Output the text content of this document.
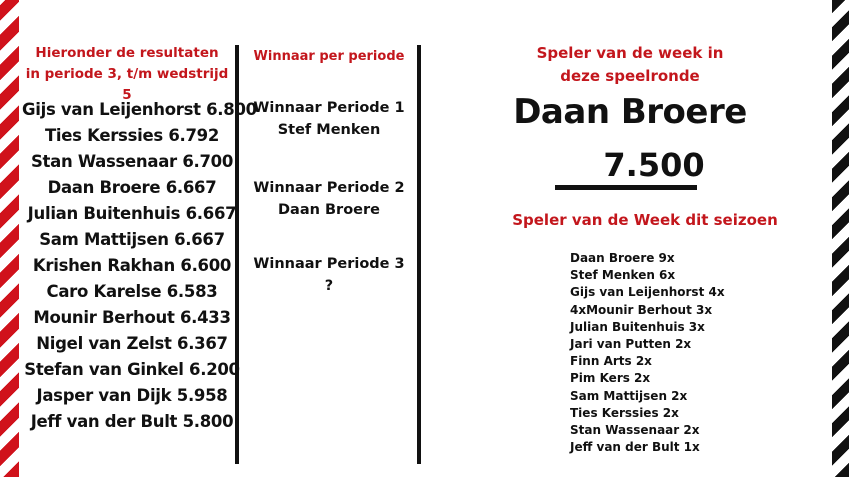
Hieronder de resultaten
in periode 3, t/m wedstrijd 5
Gijs van Leijenhorst 6.800
Ties Kerssies 6.792
Stan Wassenaar 6.700
Daan Broere 6.667
Julian Buitenhuis 6.667
Sam Mattijsen 6.667
Krishen Rakhan 6.600
Caro Karelse 6.583
Mounir Berhout 6.433
Nigel van Zelst 6.367
Stefan van Ginkel 6.200
Jasper van Dijk 5.958
Jeff van der Bult 5.800
Winnaar per periode
Winnaar Periode 1
Stef Menken
Winnaar Periode 2
Daan Broere
Winnaar Periode 3
?
Speler van de week in
deze speelronde
Daan Broere
7.500
Speler van de Week dit seizoen
Daan Broere 9x
Stef Menken 6x
Gijs van Leijenhorst 4x
4xMounir Berhout 3x
Julian Buitenhuis 3x
Jari van Putten 2x
Finn Arts 2x
Pim Kers 2x
Sam Mattijsen 2x
Ties Kerssies 2x
Stan Wassenaar 2x
Jeff van der Bult 1x
